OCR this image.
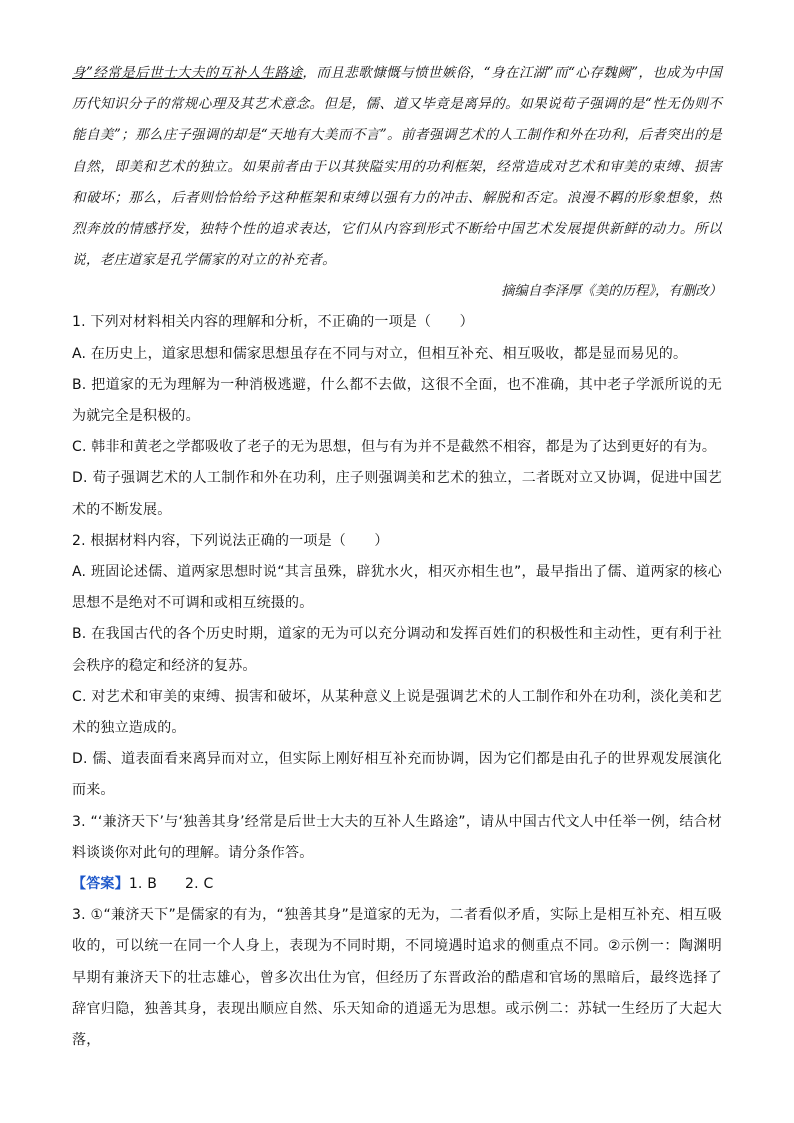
身”经常是后世士大夫的互补人生路途，而且悲歌慷慨与愤世嫉俗，“身在江湖”而“心存魏阙”，也成为中国历代知识分子的常规心理及其艺术意念。但是，儒、道又毕竟是离异的。如果说荀子强调的是“性无伪则不能自美”；那么庄子强调的却是“天地有大美而不言”。前者强调艺术的人工制作和外在功利，后者突出的是自然，即美和艺术的独立。如果前者由于以其狭隘实用的功利框架，经常造成对艺术和审美的束缚、损害和破坏；那么，后者则恰恰给予这种框架和束缚以强有力的冲击、解脱和否定。浪漫不羁的形象想象，热烈奔放的情感抒发，独特个性的追求表达，它们从内容到形式不断给中国艺术发展提供新鲜的动力。所以说，老庄道家是孔学儒家的对立的补充者。

摘编自李泽厚《美的历程》，有删改）

1. 下列对材料相关内容的理解和分析，不正确的一项是（　　）

A. 在历史上，道家思想和儒家思想虽存在不同与对立，但相互补充、相互吸收，都是显而易见的。

B. 把道家的无为理解为一种消极逃避，什么都不去做，这很不全面，也不准确，其中老子学派所说的无为就完全是积极的。

C. 韩非和黄老之学都吸收了老子的无为思想，但与有为并不是截然不相容，都是为了达到更好的有为。

D. 荀子强调艺术的人工制作和外在功利，庄子则强调美和艺术的独立，二者既对立又协调，促进中国艺术的不断发展。

2. 根据材料内容，下列说法正确的一项是（　　）

A. 班固论述儒、道两家思想时说“其言虽殊，辟犹水火，相灭亦相生也”，最早指出了儒、道两家的核心思想不是绝对不可调和或相互统摄的。

B. 在我国古代的各个历史时期，道家的无为可以充分调动和发挥百姓们的积极性和主动性，更有利于社会秩序的稳定和经济的复苏。

C. 对艺术和审美的束缚、损害和破坏，从某种意义上说是强调艺术的人工制作和外在功利，淡化美和艺术的独立造成的。

D. 儒、道表面看来离异而对立，但实际上刚好相互补充而协调，因为它们都是由孔子的世界观发展演化而来。

3. “‘兼济天下’与‘独善其身’经常是后世士大夫的互补人生路途”，请从中国古代文人中任举一例，结合材料谈谈你对此句的理解。请分条作答。

【答案】1. B 2. C

3. ①“兼济天下”是儒家的有为，“独善其身”是道家的无为，二者看似矛盾，实际上是相互补充、相互吸收的，可以统一在同一个人身上，表现为不同时期，不同境遇时追求的侧重点不同。②示例一：陶渊明早期有兼济天下的壮志雄心，曾多次出仕为官，但经历了东晋政治的酷虐和官场的黑暗后，最终选择了辞官归隐，独善其身，表现出顺应自然、乐天知命的逍遥无为思想。或示例二：苏轼一生经历了大起大落，
